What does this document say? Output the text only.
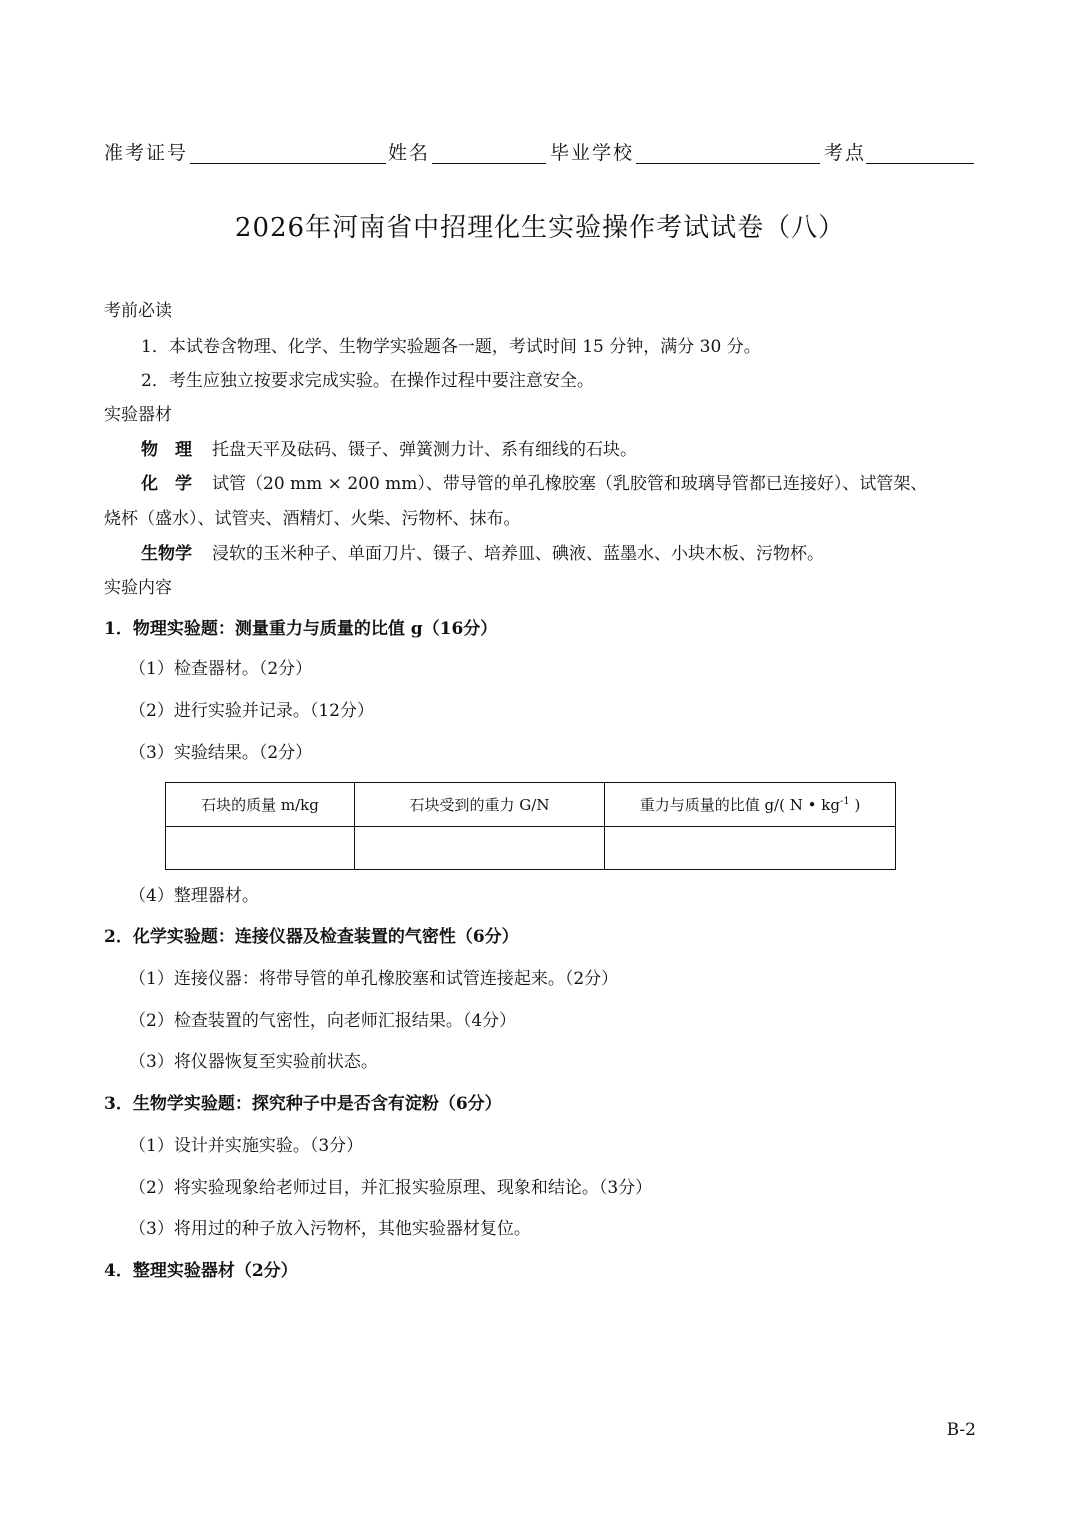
准考证号	姓名	毕业学校	考点
2026年河南省中招理化生实验操作考试试卷（八）
考前必读
1．本试卷含物理、化学、生物学实验题各一题，考试时间 15 分钟，满分 30 分。
2．考生应独立按要求完成实验。在操作过程中要注意安全。
实验器材
物　理 托盘天平及砝码、镊子、弹簧测力计、系有细线的石块。
化　学 试管（20 mm × 200 mm）、带导管的单孔橡胶塞（乳胶管和玻璃导管都已连接好）、试管架、
烧杯（盛水）、试管夹、酒精灯、火柴、污物杯、抹布。
生物学 浸软的玉米种子、单面刀片、镊子、培养皿、碘液、蓝墨水、小块木板、污物杯。
实验内容
1．物理实验题：测量重力与质量的比值 g（16分）
（1）检查器材。（2分）
（2）进行实验并记录。（12分）
（3）实验结果。（2分）
石块的质量 m/kg	石块受到的重力 G/N	重力与质量的比值 g/( N • $kg^{-1}$ )

（4）整理器材。
2．化学实验题：连接仪器及检查装置的气密性（6分）
（1）连接仪器：将带导管的单孔橡胶塞和试管连接起来。（2分）
（2）检查装置的气密性，向老师汇报结果。（4分）
（3）将仪器恢复至实验前状态。
3．生物学实验题：探究种子中是否含有淀粉（6分）
（1）设计并实施实验。（3分）
（2）将实验现象给老师过目，并汇报实验原理、现象和结论。（3分）
（3）将用过的种子放入污物杯，其他实验器材复位。
4．整理实验器材（2分）
B-2
